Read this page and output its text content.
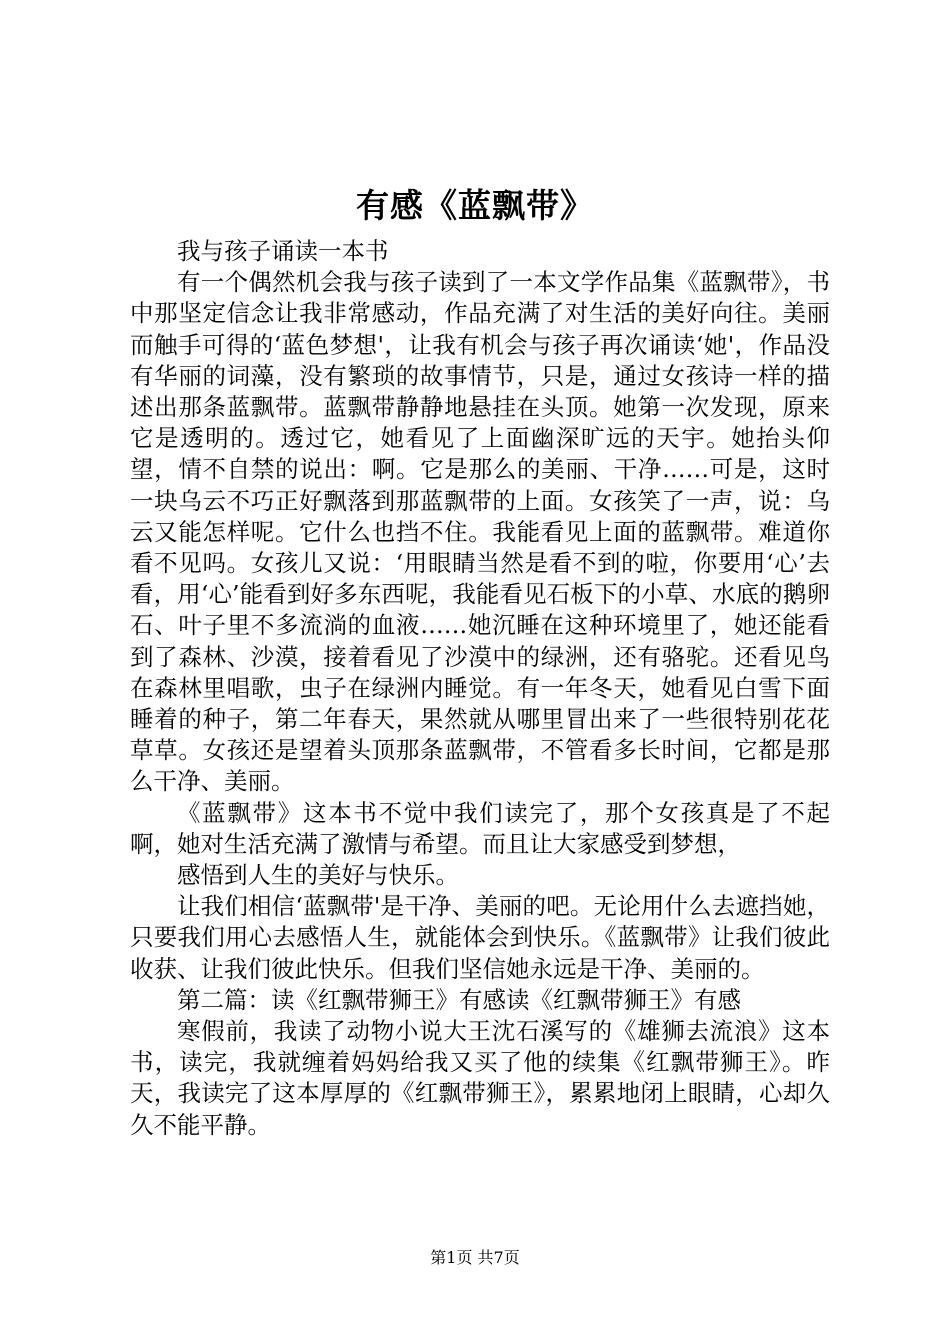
有感《蓝飘带》

我与孩子诵读一本书

有一个偶然机会我与孩子读到了一本文学作品集《蓝飘带》，书中那坚定信念让我非常感动，作品充满了对生活的美好向往。美丽而触手可得的‘蓝色梦想'，让我有机会与孩子再次诵读‘她'，作品没有华丽的词藻，没有繁琐的故事情节，只是，通过女孩诗一样的描述出那条蓝飘带。蓝飘带静静地悬挂在头顶。她第一次发现，原来它是透明的。透过它，她看见了上面幽深旷远的天宇。她抬头仰望，情不自禁的说出：啊。它是那么的美丽、干净……可是，这时一块乌云不巧正好飘落到那蓝飘带的上面。女孩笑了一声，说：乌云又能怎样呢。它什么也挡不住。我能看见上面的蓝飘带。难道你看不见吗。女孩儿又说：‘用眼睛当然是看不到的啦，你要用‘心’去看，用‘心’能看到好多东西呢，我能看见石板下的小草、水底的鹅卵石、叶子里不多流淌的血液……她沉睡在这种环境里了，她还能看到了森林、沙漠，接着看见了沙漠中的绿洲，还有骆驼。还看见鸟在森林里唱歌，虫子在绿洲内睡觉。有一年冬天，她看见白雪下面睡着的种子，第二年春天，果然就从哪里冒出来了一些很特别花花草草。女孩还是望着头顶那条蓝飘带，不管看多长时间，它都是那么干净、美丽。

《蓝飘带》这本书不觉中我们读完了，那个女孩真是了不起啊，她对生活充满了激情与希望。而且让大家感受到梦想，

感悟到人生的美好与快乐。

让我们相信‘蓝飘带'是干净、美丽的吧。无论用什么去遮挡她，只要我们用心去感悟人生，就能体会到快乐。《蓝飘带》让我们彼此收获、让我们彼此快乐。但我们坚信她永远是干净、美丽的。

第二篇：读《红飘带狮王》有感读《红飘带狮王》有感

寒假前，我读了动物小说大王沈石溪写的《雄狮去流浪》这本书，读完，我就缠着妈妈给我又买了他的续集《红飘带狮王》。昨天，我读完了这本厚厚的《红飘带狮王》，累累地闭上眼睛，心却久久不能平静。

第1页 共7页
